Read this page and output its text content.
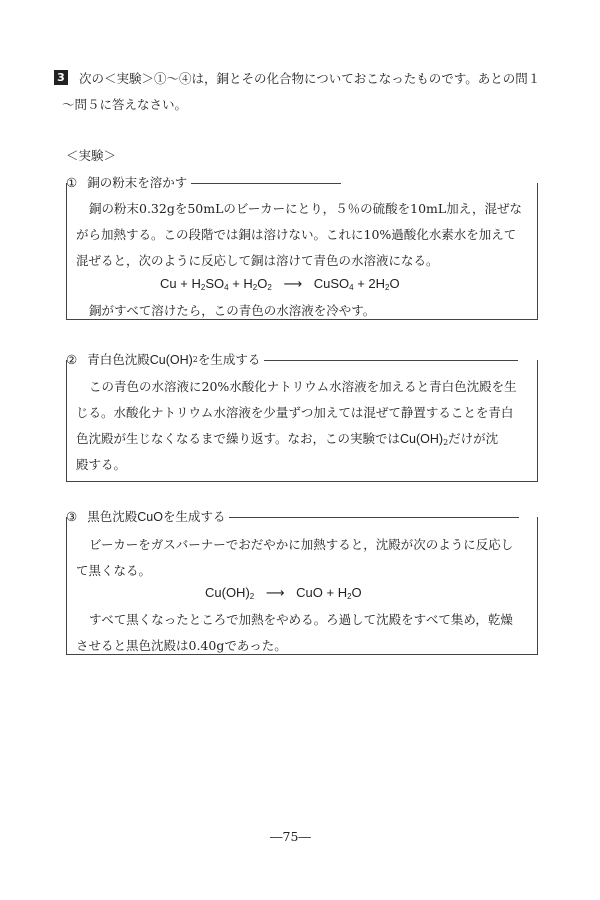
3 次の＜実験＞①～④は，銅とその化合物についておこなったものです。あとの問１
～問５に答えなさい。
＜実験＞
① 銅の粉末を溶かす
銅の粉末0.32gを50mLのビーカーにとり，５％の硫酸を10mL加え，混ぜな
がら加熱する。この段階では銅は溶けない。これに10%過酸化水素水を加えて
混ぜると，次のように反応して銅は溶けて青色の水溶液になる。
$Cu + H_2SO_4 + H_2O_2$ ⟶ CuSO$_4$ + $2H_2O$
銅がすべて溶けたら，この青色の水溶液を冷やす。
② 青白色沈殿 Cu(OH) 2 を生成する
この青色の水溶液に20%水酸化ナトリウム水溶液を加えると青白色沈殿を生
じる。水酸化ナトリウム水溶液を少量ずつ加えては混ぜて静置することを青白
色沈殿が生じなくなるまで繰り返す。なお，この実験では$Cu(OH)_2$だけが沈
殿する。
③ 黒色沈殿 CuO を生成する
ビーカーをガスバーナーでおだやかに加熱すると，沈殿が次のように反応し
て黒くなる。
$Cu(OH)_2$ ⟶ CuO + $H_2O$
すべて黒くなったところで加熱をやめる。ろ過して沈殿をすべて集め，乾燥
させると黒色沈殿は0.40gであった。
―75―
